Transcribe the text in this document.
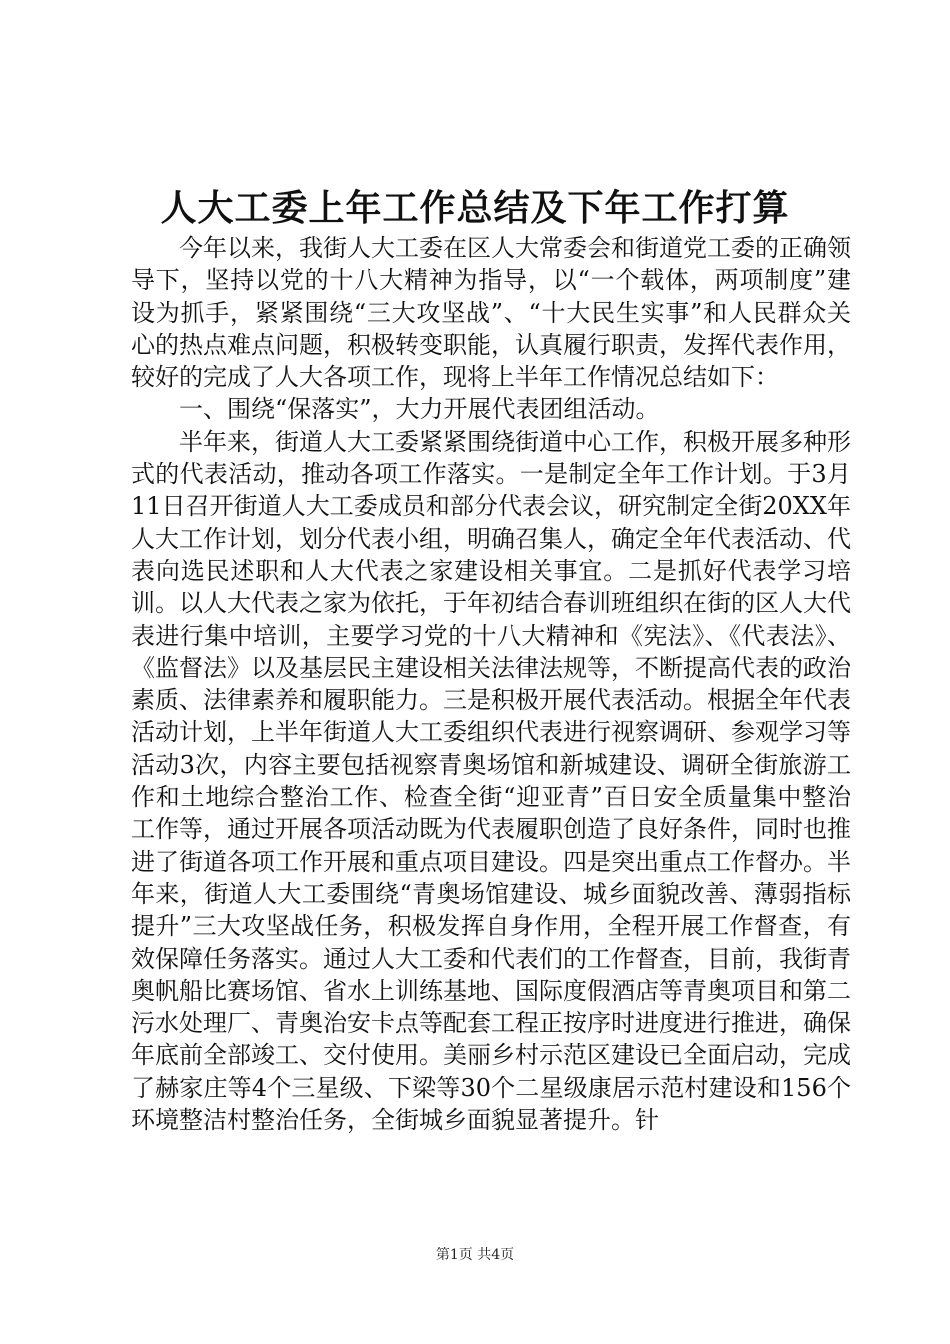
人大工委上年工作总结及下年工作打算

今年以来，我街人大工委在区人大常委会和街道党工委的正确领导下，坚持以党的十八大精神为指导，以“一个载体，两项制度”建设为抓手，紧紧围绕“三大攻坚战”、“十大民生实事”和人民群众关心的热点难点问题，积极转变职能，认真履行职责，发挥代表作用，较好的完成了人大各项工作，现将上半年工作情况总结如下：

一、围绕“保落实”，大力开展代表团组活动。

半年来，街道人大工委紧紧围绕街道中心工作，积极开展多种形式的代表活动，推动各项工作落实。一是制定全年工作计划。于3月11日召开街道人大工委成员和部分代表会议，研究制定全街20XX年人大工作计划，划分代表小组，明确召集人，确定全年代表活动、代表向选民述职和人大代表之家建设相关事宜。二是抓好代表学习培训。以人大代表之家为依托，于年初结合春训班组织在街的区人大代表进行集中培训，主要学习党的十八大精神和《宪法》、《代表法》、《监督法》以及基层民主建设相关法律法规等，不断提高代表的政治素质、法律素养和履职能力。三是积极开展代表活动。根据全年代表活动计划，上半年街道人大工委组织代表进行视察调研、参观学习等活动3次，内容主要包括视察青奥场馆和新城建设、调研全街旅游工作和土地综合整治工作、检查全街“迎亚青”百日安全质量集中整治工作等，通过开展各项活动既为代表履职创造了良好条件，同时也推进了街道各项工作开展和重点项目建设。四是突出重点工作督办。半年来，街道人大工委围绕“青奥场馆建设、城乡面貌改善、薄弱指标提升”三大攻坚战任务，积极发挥自身作用，全程开展工作督查，有效保障任务落实。通过人大工委和代表们的工作督查，目前，我街青奥帆船比赛场馆、省水上训练基地、国际度假酒店等青奥项目和第二污水处理厂、青奥治安卡点等配套工程正按序时进度进行推进，确保年底前全部竣工、交付使用。美丽乡村示范区建设已全面启动，完成了赫家庄等4个三星级、下梁等30个二星级康居示范村建设和156个环境整洁村整治任务，全街城乡面貌显著提升。针

第1页 共4页
